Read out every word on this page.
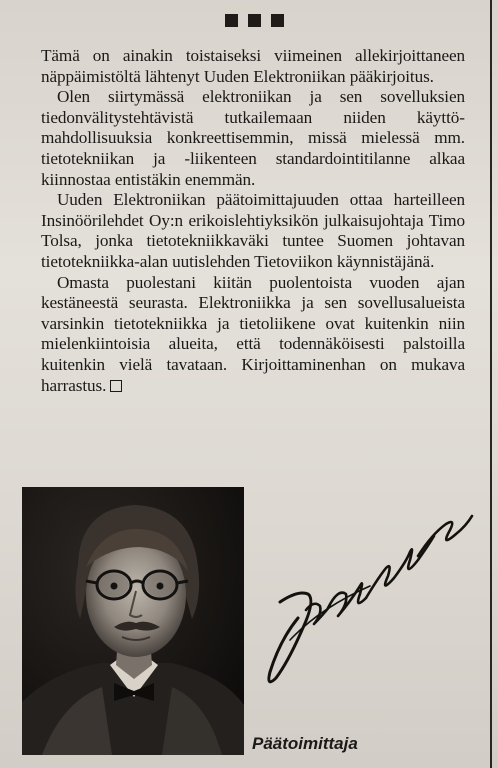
Tämä on ainakin toistaiseksi viimeinen allekirjoittaneen näppäimistöltä lähtenyt Uuden Elektroniikan pääkirjoitus.

Olen siirtymässä elektroniikan ja sen sovelluksien tiedonvälitystehtävistä tutkailemaan niiden käyttömahdollisuuksia konkreettisemmin, missä mielessä mm. tietotekniikan ja -liikenteen standardointitilanne alkaa kiinnostaa entistäkin enemmän.

Uuden Elektroniikan päätoimittajuuden ottaa harteilleen Insinöörilehdet Oy:n erikoislehtiyksikön julkaisujohtaja Timo Tolsa, jonka tietotekniikkaväki tuntee Suomen johtavan tietotekniikka-alan uutislehden Tietoviikon käynnistäjänä.

Omasta puolestani kiitän puolentoista vuoden ajan kestäneestä seurasta. Elektroniikka ja sen sovellusalueista varsinkin tietotekniikka ja tietoliikene ovat kuitenkin niin mielenkiintoisia alueita, että todennäköisesti palstoilla kuitenkin vielä tavataan. Kirjoittaminenhan on mukava harrastus.

Päätoimittaja
